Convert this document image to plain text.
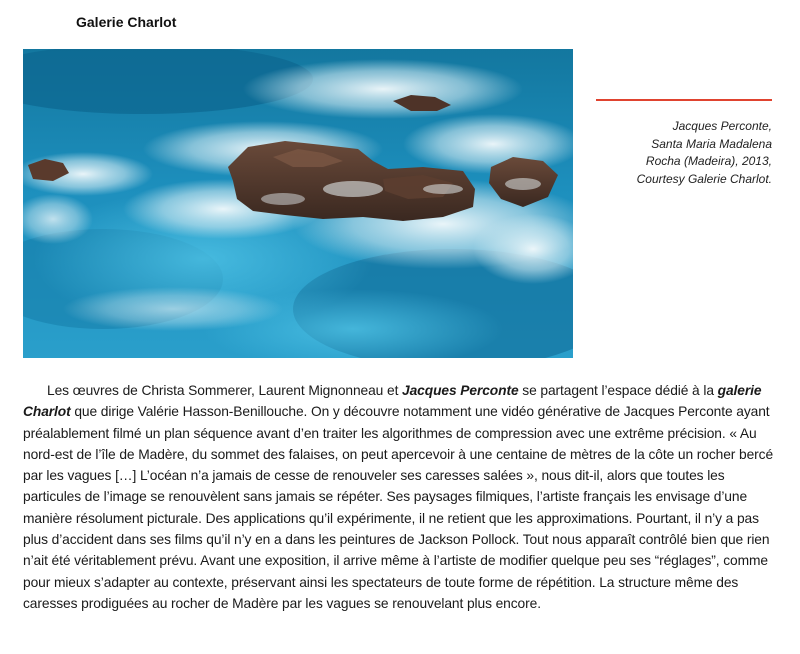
Galerie Charlot
Jacques Perconte,
Santa Maria Madalena
Rocha (Madeira), 2013,
Courtesy Galerie Charlot.

Les œuvres de Christa Sommerer, Laurent Mignonneau et Jacques Perconte se partagent l’espace dédié à la galerie Charlot que dirige Valérie Hasson-Benillouche. On y découvre notamment une vidéo générative de Jacques Perconte ayant préalablement filmé un plan séquence avant d’en traiter les algorithmes de compression avec une extrême précision. « Au nord-est de l’île de Madère, du sommet des falaises, on peut apercevoir à une centaine de mètres de la côte un rocher bercé par les vagues […] L’océan n’a jamais de cesse de renouveler ses caresses salées », nous dit-il, alors que toutes les particules de l’image se renouvèlent sans jamais se répéter. Ses paysages filmiques, l’artiste français les envisage d’une manière résolument picturale. Des applications qu’il expérimente, il ne retient que les approximations. Pourtant, il n’y a pas plus d’accident dans ses films qu’il n’y en a dans les peintures de Jackson Pollock. Tout nous apparaît contrôlé bien que rien n’ait été véritablement prévu. Avant une exposition, il arrive même à l’artiste de modifier quelque peu ses “réglages”, comme pour mieux s’adapter au contexte, préservant ainsi les spectateurs de toute forme de répétition. La structure même des caresses prodiguées au rocher de Madère par les vagues se renouvelant plus encore.
